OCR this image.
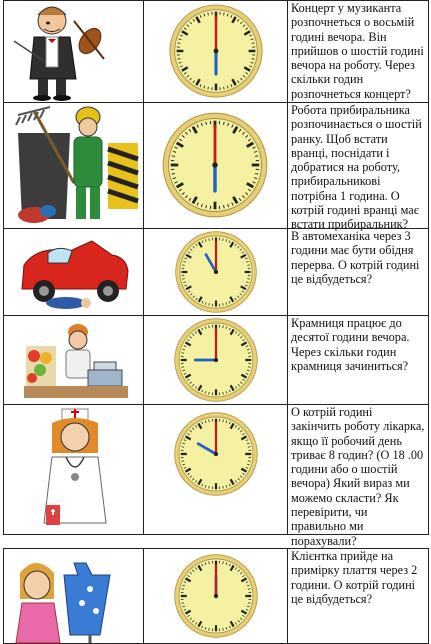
Концерт у музиканта розпочнеться о восьмій годині вечора. Він прийшов о шостій годині вечора на роботу. Через скільки годин розпочнеться концерт?

Робота прибиральника розпочинається о шостій ранку. Щоб встати вранці, поснідати і добратися на роботу, прибиральникові потрібна 1 година. О котрій годині вранці має встати прибиральник?

В автомеханіка через 3 години має бути обідня перерва. О котрій годині це відбудеться?

Крамниця працює до десятої години вечора. Через скільки годин крамниця зачиниться?

О котрій годині закінчить роботу лікарка, якщо її робочий день триває 8 годин? (О 18 .00 години або о шостій вечора) Який вираз ми можемо скласти? Як перевірити, чи правильно ми порахували?

Клієнтка прийде на примірку плаття через 2 години. О котрій годині це відбудеться?
